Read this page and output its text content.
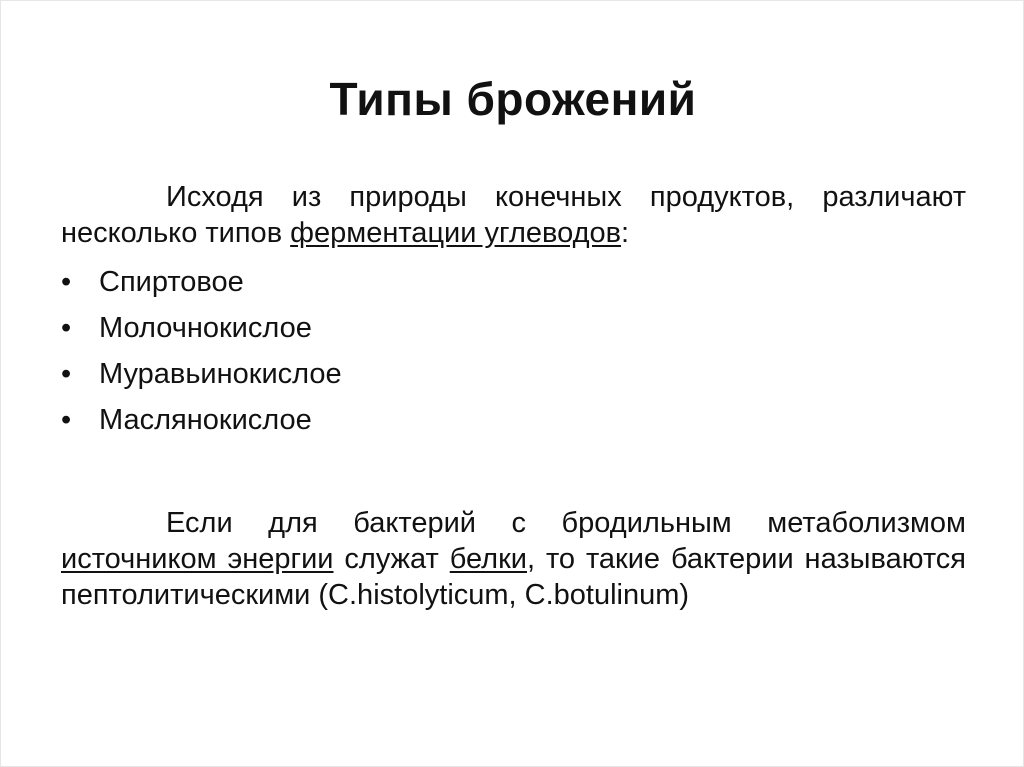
Типы брожений

Исходя из природы конечных продуктов, различают несколько типов ферментации углеводов:

• Спиртовое
• Молочнокислое
• Муравьинокислое
• Маслянокислое

Если для бактерий с бродильным метаболизмом источником энергии служат белки, то такие бактерии называются пептолитическими (C.histolyticum, C.botulinum)
